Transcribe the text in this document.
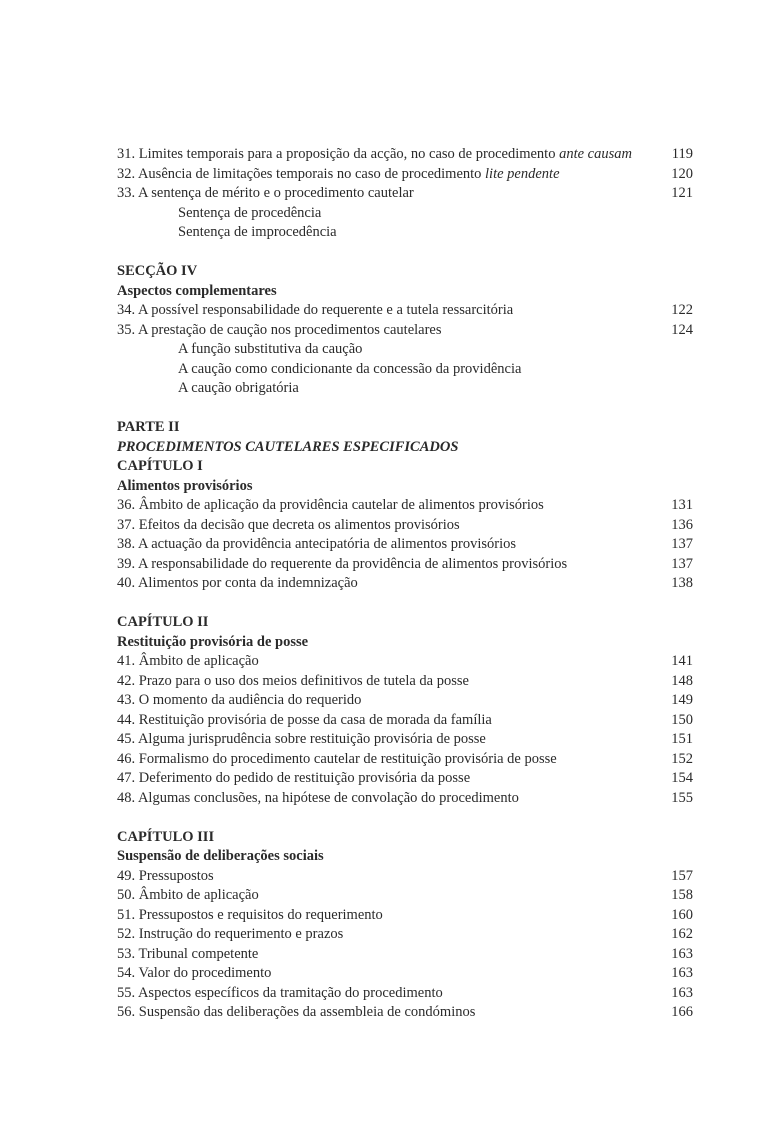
31. Limites temporais para a proposição da acção, no caso de procedimento ante causam	119
32. Ausência de limitações temporais no caso de procedimento lite pendente	120
33. A sentença de mérito e o procedimento cautelar	121
Sentença de procedência
Sentença de improcedência
SECÇÃO IV
Aspectos complementares
34. A possível responsabilidade do requerente e a tutela ressarcitória	122
35. A prestação de caução nos procedimentos cautelares	124
A função substitutiva da caução
A caução como condicionante da concessão da providência
A caução obrigatória
PARTE II
PROCEDIMENTOS CAUTELARES ESPECIFICADOS
CAPÍTULO I
Alimentos provisórios
36. Âmbito de aplicação da providência cautelar de alimentos provisórios	131
37. Efeitos da decisão que decreta os alimentos provisórios	136
38. A actuação da providência antecipatória de alimentos provisórios	137
39. A responsabilidade do requerente da providência de alimentos provisórios	137
40. Alimentos por conta da indemnização	138
CAPÍTULO II
Restituição provisória de posse
41. Âmbito de aplicação	141
42. Prazo para o uso dos meios definitivos de tutela da posse	148
43. O momento da audiência do requerido	149
44. Restituição provisória de posse da casa de morada da família	150
45. Alguma jurisprudência sobre restituição provisória de posse	151
46. Formalismo do procedimento cautelar de restituição provisória de posse	152
47. Deferimento do pedido de restituição provisória da posse	154
48. Algumas conclusões, na hipótese de convolação do procedimento	155
CAPÍTULO III
Suspensão de deliberações sociais
49. Pressupostos	157
50. Âmbito de aplicação	158
51. Pressupostos e requisitos do requerimento	160
52. Instrução do requerimento e prazos	162
53. Tribunal competente	163
54. Valor do procedimento	163
55. Aspectos específicos da tramitação do procedimento	163
56. Suspensão das deliberações da assembleia de condóminos	166
